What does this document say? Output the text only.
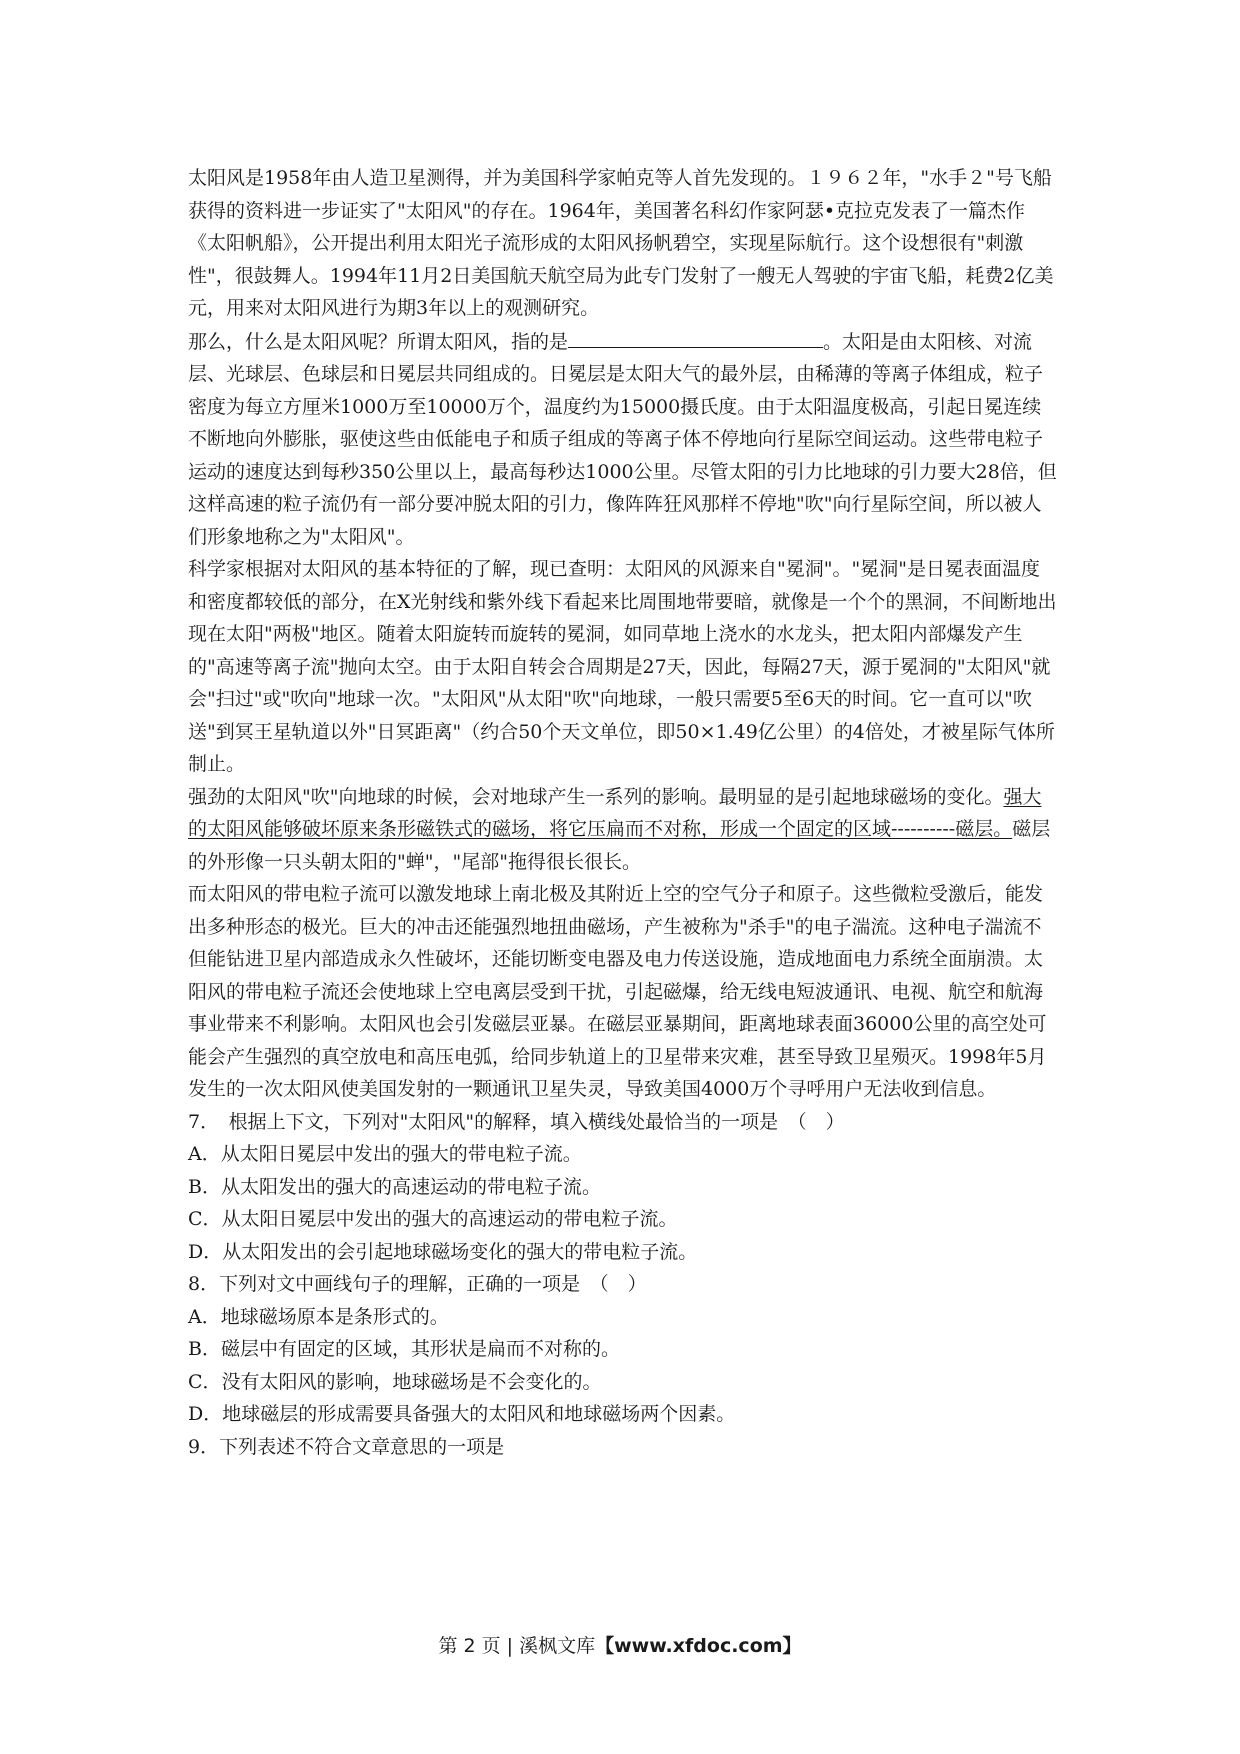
太阳风是1958年由人造卫星测得，并为美国科学家帕克等人首先发现的。１９６２年，"水手２"号飞船获得的资料进一步证实了"太阳风"的存在。1964年，美国著名科幻作家阿瑟•克拉克发表了一篇杰作《太阳帆船》，公开提出利用太阳光子流形成的太阳风扬帆碧空，实现星际航行。这个设想很有"刺激性"，很鼓舞人。1994年11月2日美国航天航空局为此专门发射了一艘无人驾驶的宇宙飞船，耗费2亿美元，用来对太阳风进行为期3年以上的观测研究。

那么，什么是太阳风呢？所谓太阳风，指的是	。太阳是由太阳核、对流层、光球层、色球层和日冕层共同组成的。日冕层是太阳大气的最外层，由稀薄的等离子体组成，粒子密度为每立方厘米1000万至10000万个，温度约为15000摄氏度。由于太阳温度极高，引起日冕连续不断地向外膨胀，驱使这些由低能电子和质子组成的等离子体不停地向行星际空间运动。这些带电粒子运动的速度达到每秒350公里以上，最高每秒达1000公里。尽管太阳的引力比地球的引力要大28倍，但这样高速的粒子流仍有一部分要冲脱太阳的引力，像阵阵狂风那样不停地"吹"向行星际空间，所以被人们形象地称之为"太阳风"。

科学家根据对太阳风的基本特征的了解，现已查明：太阳风的风源来自"冕洞"。"冕洞"是日冕表面温度和密度都较低的部分，在X光射线和紫外线下看起来比周围地带要暗，就像是一个个的黑洞，不间断地出现在太阳"两极"地区。随着太阳旋转而旋转的冕洞，如同草地上浇水的水龙头，把太阳内部爆发产生的"高速等离子流"抛向太空。由于太阳自转会合周期是27天，因此，每隔27天，源于冕洞的"太阳风"就会"扫过"或"吹向"地球一次。"太阳风"从太阳"吹"向地球，一般只需要5至6天的时间。它一直可以"吹送"到冥王星轨道以外"日冥距离"（约合50个天文单位，即50×1.49亿公里）的4倍处，才被星际气体所制止。

强劲的太阳风"吹"向地球的时候，会对地球产生一系列的影响。最明显的是引起地球磁场的变化。强大的太阳风能够破坏原来条形磁铁式的磁场，将它压扁而不对称，形成一个固定的区域----------磁层。磁层的外形像一只头朝太阳的"蝉"，"尾部"拖得很长很长。

而太阳风的带电粒子流可以激发地球上南北极及其附近上空的空气分子和原子。这些微粒受激后，能发出多种形态的极光。巨大的冲击还能强烈地扭曲磁场，产生被称为"杀手"的电子湍流。这种电子湍流不但能钻进卫星内部造成永久性破坏，还能切断变电器及电力传送设施，造成地面电力系统全面崩溃。太阳风的带电粒子流还会使地球上空电离层受到干扰，引起磁爆，给无线电短波通讯、电视、航空和航海事业带来不利影响。太阳风也会引发磁层亚暴。在磁层亚暴期间，距离地球表面36000公里的高空处可能会产生强烈的真空放电和高压电弧，给同步轨道上的卫星带来灾难，甚至导致卫星殒灭。1998年5月发生的一次太阳风使美国发射的一颗通讯卫星失灵，导致美国4000万个寻呼用户无法收到信息。

7．　根据上下文，下列对"太阳风"的解释，填入横线处最恰当的一项是　（　）

A．从太阳日冕层中发出的强大的带电粒子流。

B．从太阳发出的强大的高速运动的带电粒子流。

C．从太阳日冕层中发出的强大的高速运动的带电粒子流。

D．从太阳发出的会引起地球磁场变化的强大的带电粒子流。

8．下列对文中画线句子的理解，正确的一项是　（　）

A．地球磁场原本是条形式的。

B．磁层中有固定的区域，其形状是扁而不对称的。

C．没有太阳风的影响，地球磁场是不会变化的。

D．地球磁层的形成需要具备强大的太阳风和地球磁场两个因素。

9．下列表述不符合文章意思的一项是

第 2 页 | 溪枫文库【www.xfdoc.com】
